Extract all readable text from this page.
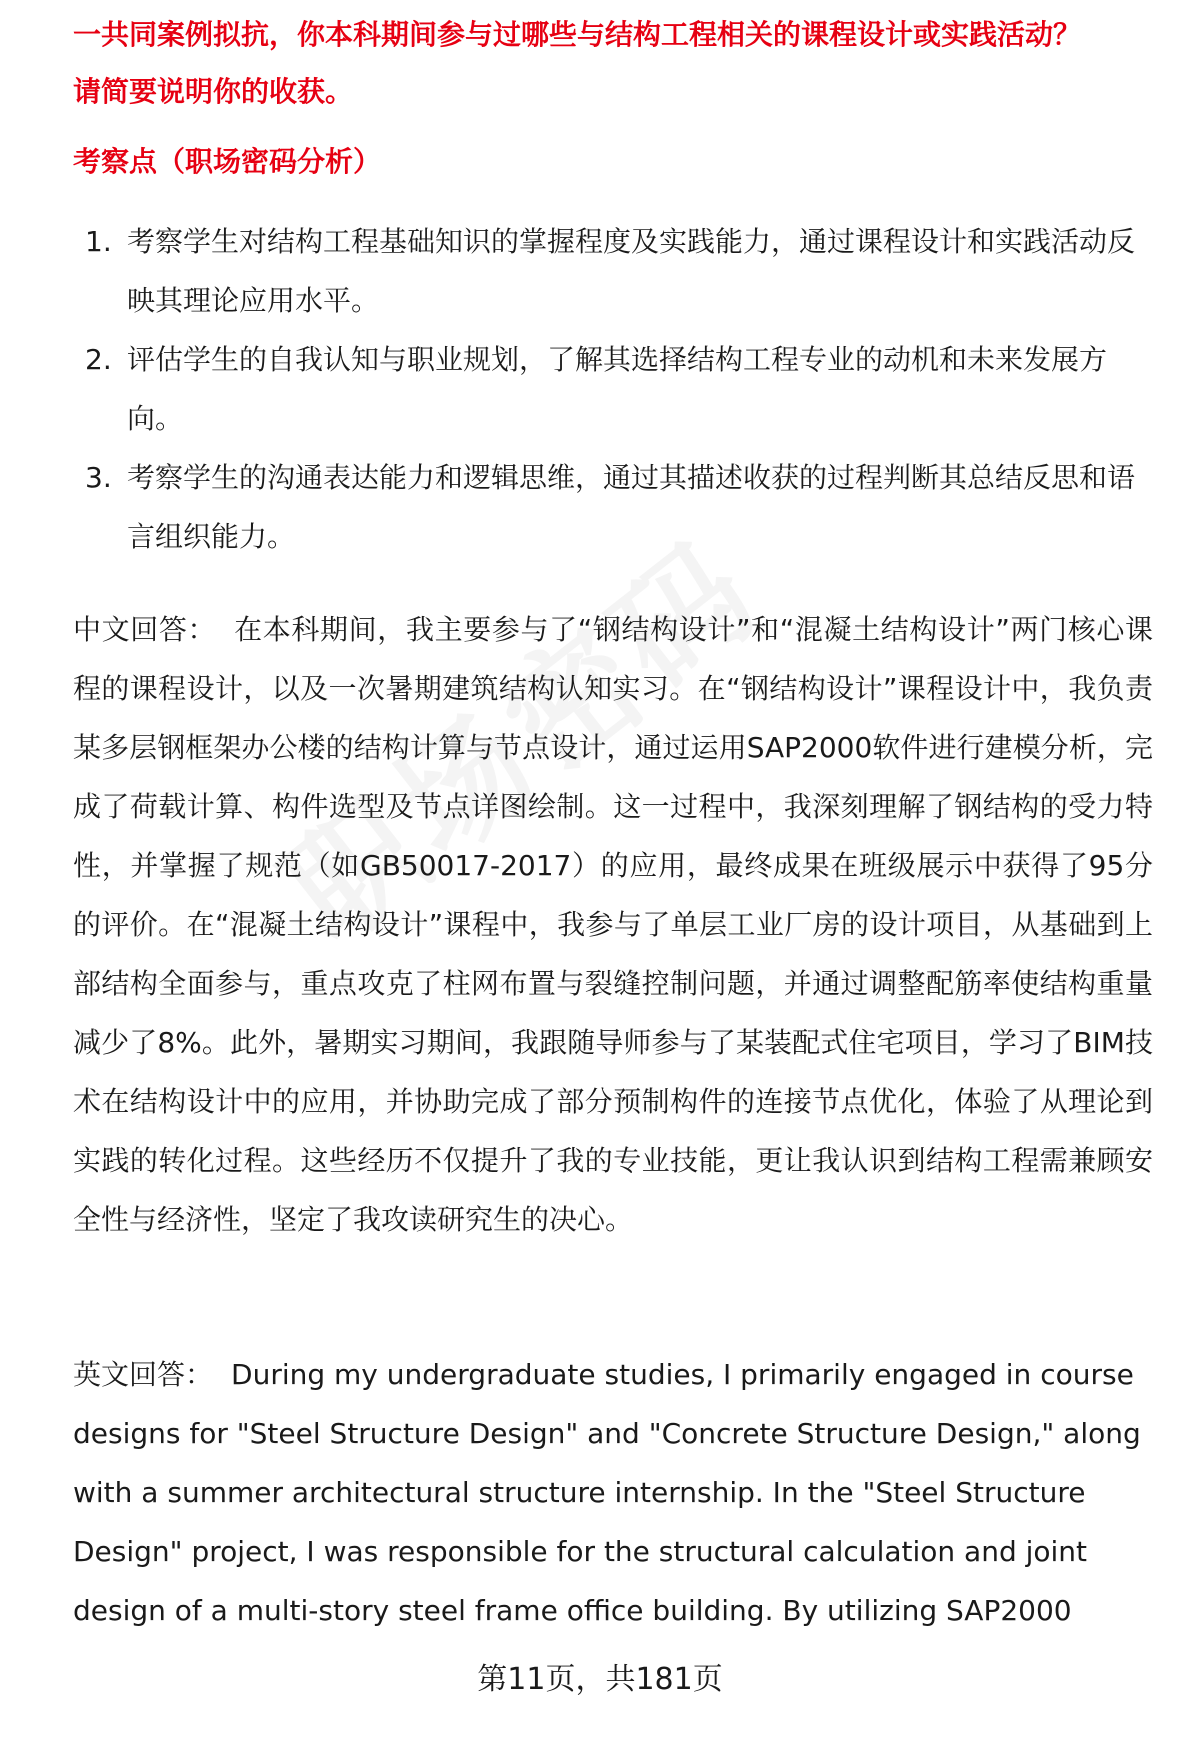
一共同案例拟抗，你本科期间参与过哪些与结构工程相关的课程设计或实践活动？
请简要说明你的收获。
考察点（职场密码分析）
1. 考察学生对结构工程基础知识的掌握程度及实践能力，通过课程设计和实践活动反映其理论应用水平。
2. 评估学生的自我认知与职业规划，了解其选择结构工程专业的动机和未来发展方向。
3. 考察学生的沟通表达能力和逻辑思维，通过其描述收获的过程判断其总结反思和语言组织能力。

中文回答： 在本科期间，我主要参与了“钢结构设计”和“混凝土结构设计”两门核心课程的课程设计，以及一次暑期建筑结构认知实习。在“钢结构设计”课程设计中，我负责某多层钢框架办公楼的结构计算与节点设计，通过运用SAP2000软件进行建模分析，完成了荷载计算、构件选型及节点详图绘制。这一过程中，我深刻理解了钢结构的受力特性，并掌握了规范（如GB50017-2017）的应用，最终成果在班级展示中获得了95分的评价。在“混凝土结构设计”课程中，我参与了单层工业厂房的设计项目，从基础到上部结构全面参与，重点攻克了柱网布置与裂缝控制问题，并通过调整配筋率使结构重量减少了8%。此外，暑期实习期间，我跟随导师参与了某装配式住宅项目，学习了BIM技术在结构设计中的应用，并协助完成了部分预制构件的连接节点优化，体验了从理论到实践的转化过程。这些经历不仅提升了我的专业技能，更让我认识到结构工程需兼顾安全性与经济性，坚定了我攻读研究生的决心。

英文回答： During my undergraduate studies, I primarily engaged in course designs for "Steel Structure Design" and "Concrete Structure Design," along with a summer architectural structure internship. In the "Steel Structure Design" project, I was responsible for the structural calculation and joint design of a multi-story steel frame office building. By utilizing SAP2000

第11页，共181页
